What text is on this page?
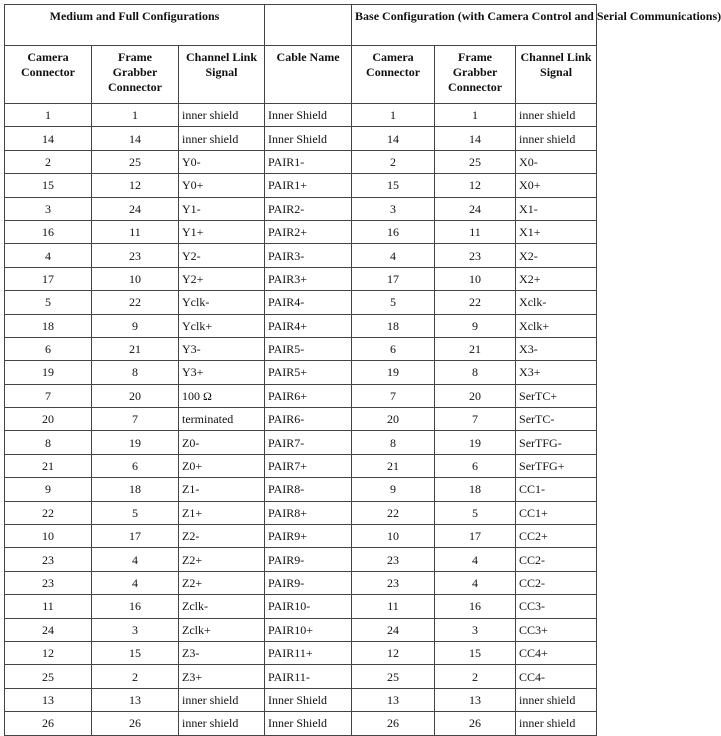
Medium and Full Configurations				Base Configuration (with Camera Control and Serial Communications)		
Camera Connector	Frame Grabber Connector	Channel Link Signal	Cable Name	Camera Connector	Frame Grabber Connector	Channel Link Signal
1	1	inner shield	Inner Shield	1	1	inner shield
14	14	inner shield	Inner Shield	14	14	inner shield
2	25	Y0-	PAIR1-	2	25	X0-
15	12	Y0+	PAIR1+	15	12	X0+
3	24	Y1-	PAIR2-	3	24	X1-
16	11	Y1+	PAIR2+	16	11	X1+
4	23	Y2-	PAIR3-	4	23	X2-
17	10	Y2+	PAIR3+	17	10	X2+
5	22	Yclk-	PAIR4-	5	22	Xclk-
18	9	Yclk+	PAIR4+	18	9	Xclk+
6	21	Y3-	PAIR5-	6	21	X3-
19	8	Y3+	PAIR5+	19	8	X3+
7	20	100 Ω	PAIR6+	7	20	SerTC+
20	7	terminated	PAIR6-	20	7	SerTC-
8	19	Z0-	PAIR7-	8	19	SerTFG-
21	6	Z0+	PAIR7+	21	6	SerTFG+
9	18	Z1-	PAIR8-	9	18	CC1-
22	5	Z1+	PAIR8+	22	5	CC1+
10	17	Z2-	PAIR9+	10	17	CC2+
23	4	Z2+	PAIR9-	23	4	CC2-
23	4	Z2+	PAIR9-	23	4	CC2-
11	16	Zclk-	PAIR10-	11	16	CC3-
24	3	Zclk+	PAIR10+	24	3	CC3+
12	15	Z3-	PAIR11+	12	15	CC4+
25	2	Z3+	PAIR11-	25	2	CC4-
13	13	inner shield	Inner Shield	13	13	inner shield
26	26	inner shield	Inner Shield	26	26	inner shield
